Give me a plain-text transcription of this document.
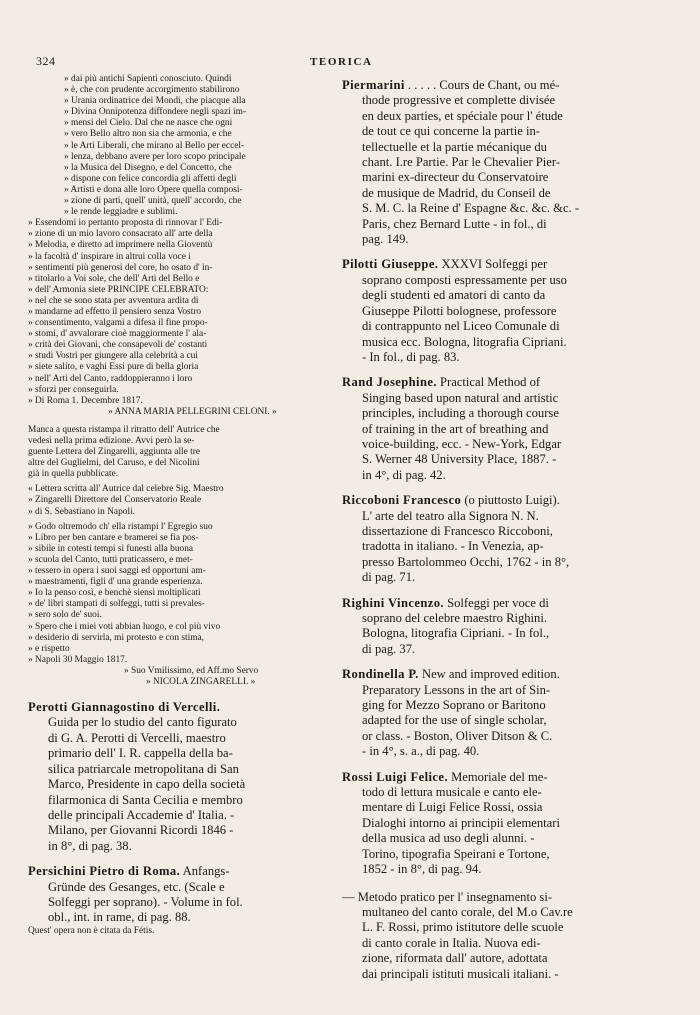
324	TEORICA
» dai più antichi Sapienti conosciuto. Quindi
» è, che con prudente accorgimento stabilirono
» Urania ordinatrice dei Mondi, che piacque alla
» Divina Onnipotenza diffondere negli spazi im-
» mensi del Cielo. Dal che ne nasce che ogni
» vero Bello altro non sia che armonia, e che
» le Arti Liberali, che mirano al Bello per eccel-
» lenza, debbano avere per loro scopo principale
» la Musica del Disegno, e del Concetto, che
» dispone con felice concordia gli affetti degli
» Artisti e dona alle loro Opere quella composi-
» zione di parti, quell' unità, quell' accordo, che
» le rende leggiadre e sublimi.
» Essendomi io pertanto proposta di rinnovar l' Edi-
» zione di un mio lavoro consacrato all' arte della
» Melodia, e diretto ad imprimere nella Gioventù
» la facoltà d' inspirare in altrui colla voce i
» sentimenti più generosi del core, ho osato d' in-
» titolarlo a Voi sole, che dell' Arti del Bello e
» dell' Armonia siete PRINCIPE CELEBRATO:
» nel che se sono stata per avventura ardita di
» mandarne ad effetto il pensiero senza Vostro
» consentimento, valgami a difesa il fine propo-
» stomi, d' avvalorare cioè maggiormente l' ala-
» crità dei Giovani, che consapevoli de' costanti
» studi Vostri per giungere alla celebrità a cui
» siete salito, e vaghi Essi pure di bella gloria
» nell' Arti del Canto, raddoppieranno i loro
» sforzi per conseguirla.
» Di Roma 1. Decembre 1817.
» ANNA MARIA PELLEGRINI CELONI. »
Manca a questa ristampa il ritratto dell' Autrice che
vedesi nella prima edizione. Avvi però la se-
guente Lettera del Zingarelli, aggiunta alle tre
altre del Guglielmi, del Caruso, e del Nicolini
già in quella pubblicate.
« Lettera scritta all' Autrice dal celebre Sig. Maestro
» Zingarelli Direttore del Conservatorio Reale
» di S. Sebastiano in Napoli.
» Godo oltremodo ch' ella ristampi l' Egregio suo
» Libro per ben cantare e bramerei se fia pos-
» sibile in cotesti tempi sì funesti alla buona
» scuola del Canto, tutti praticassero, e met-
» tessero in opera i suoi saggi ed opportuni am-
» maestramenti, figli d' una grande esperienza.
» Io la penso così, e benchè siensi moltiplicati
» de' libri stampati di solfeggi, tutti si prevales-
» sero solo de' suoi.
» Spero che i miei voti abbian luogo, e col più vivo
» desiderio di servirla, mi protesto e con stima,
» e rispetto
» Napoli 30 Maggio 1817.
» Suo Vmilissimo, ed Aff.mo Servo
» NICOLA ZINGARELLI. »
Perotti Giannagostino di Vercelli.
Guida per lo studio del canto figurato
di G. A. Perotti di Vercelli, maestro
primario dell' I. R. cappella della ba-
silica patriarcale metropolitana di San
Marco, Presidente in capo della società
filarmonica di Santa Cecilia e membro
delle principali Accademie d' Italia. -
Milano, per Giovanni Ricordi 1846 -
in 8°, di pag. 38.
Persichini Pietro di Roma. Anfangs-
Gründe des Gesanges, etc. (Scale e
Solfeggi per soprano). - Volume in fol.
obl., int. in rame, di pag. 88.
Quest' opera non è citata da Fétis.
Piermarini . . . . . Cours de Chant, ou mé-
thode progressive et complette divisée
en deux parties, et spéciale pour l' étude
de tout ce qui concerne la partie in-
tellectuelle et la partie mécanique du
chant. I.re Partie. Par le Chevalier Pier-
marini ex-directeur du Conservatoire
de musique de Madrid, du Conseil de
S. M. C. la Reine d' Espagne &c. &c. &c. -
Paris, chez Bernard Lutte - in fol., di
pag. 149.
Pilotti Giuseppe. XXXVI Solfeggi per
soprano composti espressamente per uso
degli studenti ed amatori di canto da
Giuseppe Pilotti bolognese, professore
di contrappunto nel Liceo Comunale di
musica ecc. Bologna, litografia Cipriani.
- In fol., di pag. 83.
Rand Josephine. Practical Method of
Singing based upon natural and artistic
principles, including a thorough course
of training in the art of breathing and
voice-building, ecc. - New-York, Edgar
S. Werner 48 University Place, 1887. -
in 4°, di pag. 42.
Riccoboni Francesco (o piuttosto Luigi).
L' arte del teatro alla Signora N. N.
dissertazione di Francesco Riccoboni,
tradotta in italiano. - In Venezia, ap-
presso Bartolommeo Occhi, 1762 - in 8°,
di pag. 71.
Righini Vincenzo. Solfeggi per voce di
soprano del celebre maestro Righini.
Bologna, litografia Cipriani. - In fol.,
di pag. 37.
Rondinella P. New and improved edition.
Preparatory Lessons in the art of Sin-
ging for Mezzo Soprano or Baritono
adapted for the use of single scholar,
or class. - Boston, Oliver Ditson & C.
- in 4°, s. a., di pag. 40.
Rossi Luigi Felice. Memoriale del me-
todo di lettura musicale e canto ele-
mentare di Luigi Felice Rossi, ossia
Dialoghi intorno ai principii elementari
della musica ad uso degli alunni. -
Torino, tipografia Speirani e Tortone,
1852 - in 8°, di pag. 94.
— Metodo pratico per l' insegnamento si-
multaneo del canto corale, del M.o Cav.re
L. F. Rossi, primo istitutore delle scuole
di canto corale in Italia. Nuova edi-
zione, riformata dall' autore, adottata
dai principali istituti musicali italiani. -
